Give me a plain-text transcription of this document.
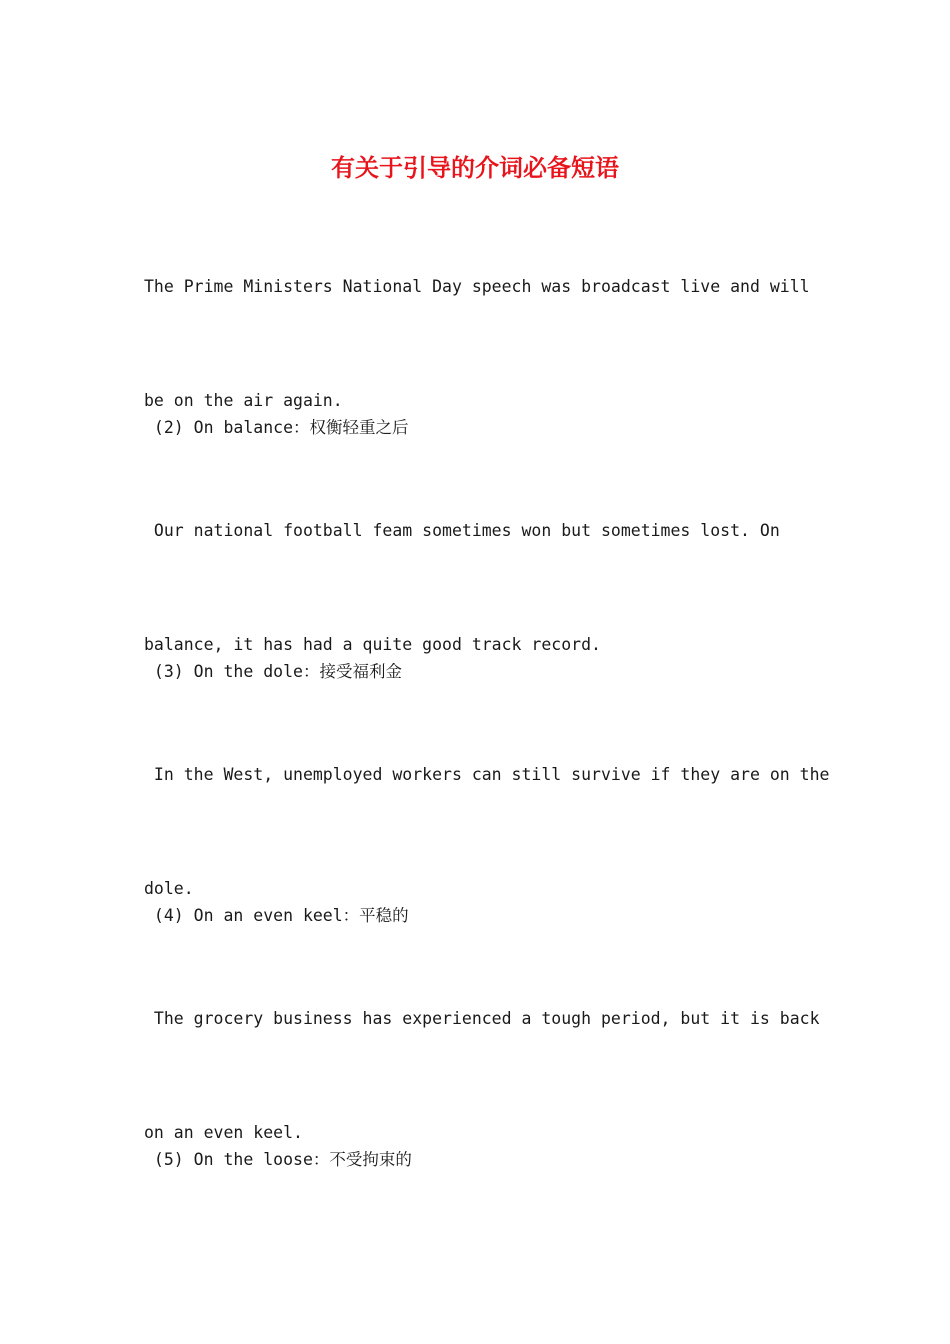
有关于引导的介词必备短语

The Prime Ministers National Day speech was broadcast live and will

be on the air again.

(2) On balance：权衡轻重之后

Our national football feam sometimes won but sometimes lost. On

balance, it has had a quite good track record.

(3) On the dole：接受福利金

In the West, unemployed workers can still survive if they are on the

dole.

(4) On an even keel：平稳的

The grocery business has experienced a tough period, but it is back

on an even keel.

(5) On the loose：不受拘束的
